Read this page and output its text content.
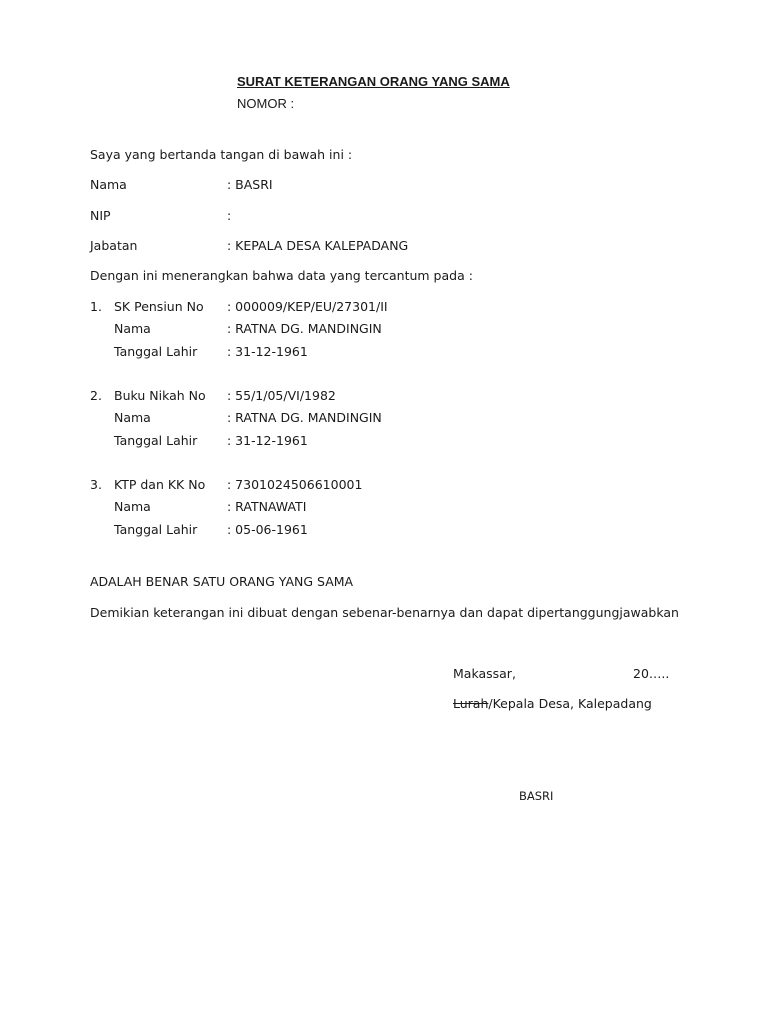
SURAT KETERANGAN ORANG YANG SAMA
NOMOR :
Saya yang bertanda tangan di bawah ini :
Nama	: BASRI
NIP	:
Jabatan	: KEPALA DESA KALEPADANG
Dengan ini menerangkan bahwa data yang tercantum pada :
1. SK Pensiun No : 000009/KEP/EU/27301/II
Nama	: RATNA DG. MANDINGIN
Tanggal Lahir : 31-12-1961
2. Buku Nikah No : 55/1/05/VI/1982
Nama	: RATNA DG. MANDINGIN
Tanggal Lahir : 31-12-1961
3. KTP dan KK No : 7301024506610001
Nama	: RATNAWATI
Tanggal Lahir : 05-06-1961
ADALAH BENAR SATU ORANG YANG SAMA
Demikian keterangan ini dibuat dengan sebenar-benarnya dan dapat dipertanggungjawabkan
Makassar,	20…..
Lurah/Kepala Desa, Kalepadang
BASRI
